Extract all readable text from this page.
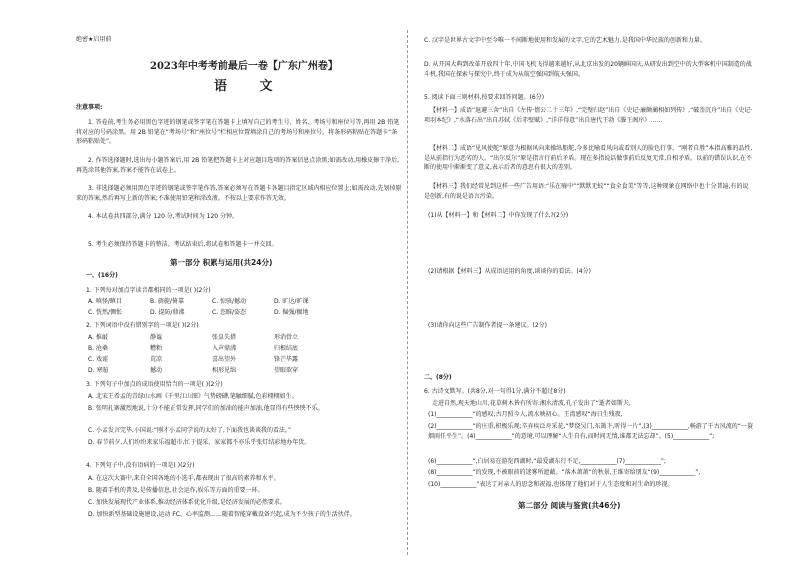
绝密★启用前
2023年中考考前最后一卷【广东广州卷】
语 文
注意事项:
1. 答卷前,考生务必用黑色字迹的钢笔或签字笔在答题卡上填写自己的考生号、姓名、考场号和座位号等,再用 2B 铅笔将对应的号码涂黑。用 2B 铅笔在“考场号”和“座位号”栏相应位置填涂自己的考场号和座位号。将条形码粘贴在答题卡“条形码粘贴处”。
2. 作答选择题时,选出每小题答案后,用 2B 铅笔把答题卡上对应题目选项的答案信息点涂黑;如需改动,用橡皮擦干净后,再选涂其他答案,答案不能答在试卷上。
3. 非选择题必须用黑色字迹的钢笔或签字笔作答,答案必须写在答题卡各题目指定区域内相应位置上;如需改动,先划掉原来的答案,然后再写上新的答案;不准使用铅笔和涂改液。不按以上要求作答无效。
4. 本试卷共四部分,满分 120 分,考试时间为 120 分钟。
5. 考生必须保持答题卡的整洁。考试结束后,将试卷和答题卡一并交回。
第一部分 积累与运用(共24分)
一、(16分)
1. 下列每对加点字读音都相同的一项是( )(2分)
A. 嗔怪/瞋目	B. 旖旎/倚靠	C. 惊骇/撼动	D. 旷达/旷课
C. 恍然/惆怅	D. 提防/鼎沸	C. 恣睢/姿态	D. 倔强/掘地
2. 下列词语中没有错别字的一项是( )(2分)
A. 推敲	静谧	张皇失措	形消骨立
B. 沧桑	糟粕	入声鼎沸	归根结底
C. 戏谑	荒凉	喜出望外	锋芒毕露
D. 寒暄	撼动	相形见绌	望眼欲穿
3. 下列句子中加点的成语使用恰当的一项是( )(2分)
A. 北宋王希孟的青绿山水画《千里江山图》气势磅礴,笔触细腻,色彩栩栩如生。
B. 张明扎寨激烈地说,十分不能正常发挥,同学们的加油的能声加油,他显得有些怏怏不乐。
C. 小孟发言完毕,小国说:“刚才小孟同学说的太好了,下面我也谈谈我的看法。”
D. 春节前夕,人们纷纷来家乐福超市,忙于提采、家家都不亦乐乎张灯结彩地办年货。
4. 下列句子中,没有语病的一项是( )(2分)
A. 在这次大赛中,来自全国各地的小选手,都表现出了很高的素养和水平。
B. 随着手机的普及,是传播信息,社会运作,娱乐等方面的重要一环。
C. 加快发展现代产业体系,推动经济体系优化升级,是经济发展的必然要求。
D. 加快新型基础设施建设,运动 FC、心率监测……随着智能穿戴设备兴起,成为不少孩子的生活伙伴。
C. 汉字是世界古文字中至今唯一不间断地使用和发展的文字,它的艺术魅力,是我国中华民族的创新和力量。
D. 从开国大典到改革开放四十年,中国飞机飞得越来越好,从北京出发的20辆鲜国庆,从研发出到空中的大型客机中国制造的战斗机,我国在探索与探究中,终于成为从航空强国到航天强国。
5. 阅读下面三则材料,按要求回答问题。(6分)
【材料一】成语“退避三舍”出自《左传·僖公二十三年》,“完璧归赵”出自《史记·廉颇蔺相如列传》,“破釜沉舟”出自《史记·项羽本纪》,“水落石出”出自苏轼《后赤壁赋》,“洋洋得意”出自唐代王勃《滕王阁序》……
【材料二】成语“见风使舵”原意为根据风向来操纵船舵,今多比喻看风向或看别人的脸色行事。“刚者自胜”本指高雅的品性,是从前指行为恶劣的人。“出尔反尔”原是指言行前后矛盾。现在多指说话做事前后反复无常,自相矛盾。以前的错误认识,在不断的使用中渐渐变了意义,表示后者的意思有很大的差别。
【材料三】我们经常见到这样一些广告用语:“乐在骑中”“默默无蚊”“食全食美”等等,这种现象在网络中也十分普遍,有的说是创新,有的说是语言污染。
(1)从【材料一】和【材料二】中你发现了什么?(2分)
(2)请根据【材料三】从成语运用的角度,谈谈你的看法。(4分)
(3)请你向这些广告制作者提一条建议。(2分)
二、(8分)
6. 古诗文默写。(共8分,对一句得1分,满分不超过8分)
走进自然,观天地山川,花草树木皆有所寄:湘水清波,孔子发出了“逝者如斯夫,
(1)____________”的感叹;古月照今人,流水映初心。王湾感叹“海日生残夜,
(2)____________”的庄重,积极乐观;辛弃疾泛舟采花,“梦绕吴门,东篱下,听得一片”,(3)____________,畅游了千古风流的“一蓑烟雨任平生”。(4)____________”的意境,可以理解“人生自有,而时间无情,谁都无法忘却”。(5)____________”;
(6)____________”,白居易在游览西湖时,“最爱湖东行不足,____________(7)____________”;
(8)____________”的发现,不被眼前的迷雾所遮蔽。“落木萧萧”的秋景,王维寄给朋友“(9)____________”,
(10)____________”表达了对亲人的思念和祝福,也体现了他们对于人生态度和对生命的珍视。
第二部分 阅读与鉴赏(共46分)
